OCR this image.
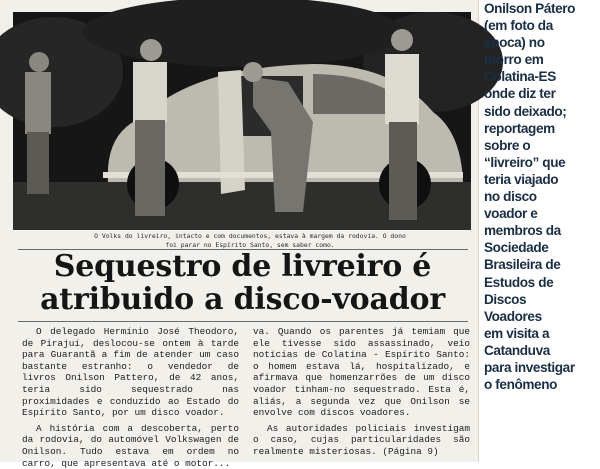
O Volks do livreiro, intacto e com documentos, estava à margem da rodovia. O dono
foi parar no Espírito Santo, sem saber como.
Sequestro de livreiro é
atribuido a disco-voador

O delegado Hermínio José Theodoro, de Pirajuí, deslocou-se ontem à tarde para Guarantã a fim de atender um caso bastante estranho: o vendedor de livros Onilson Pattero, de 42 anos, teria sido sequestrado nas proximidades e conduzido ao Estado do Espírito Santo, por um disco voador.

A história com a descoberta, perto da rodovia, do automóvel Volkswagen de Onilson. Tudo estava em ordem no carro, que apresentava até o motor...

va. Quando os parentes já temiam que ele tivesse sido assassinado, veio notícias de Colatina - Espírito Santo: o homem estava lá, hospitalizado, e afirmava que homenzarrões de um disco voador tinham-no sequestrado. Esta é, aliás, a segunda vez que Onilson se envolve com discos voadores.

As autoridades policiais investigam o caso, cujas particularidades são realmente misteriosas. (Página 9)

Onilson Pátero
(em foto da
época) no
morro em
Colatina-ES
onde diz ter
sido deixado;
reportagem
sobre o
“livreiro” que
teria viajado
no disco
voador e
membros da
Sociedade
Brasileira de
Estudos de
Discos
Voadores
em visita a
Catanduva
para investigar
o fenômeno
